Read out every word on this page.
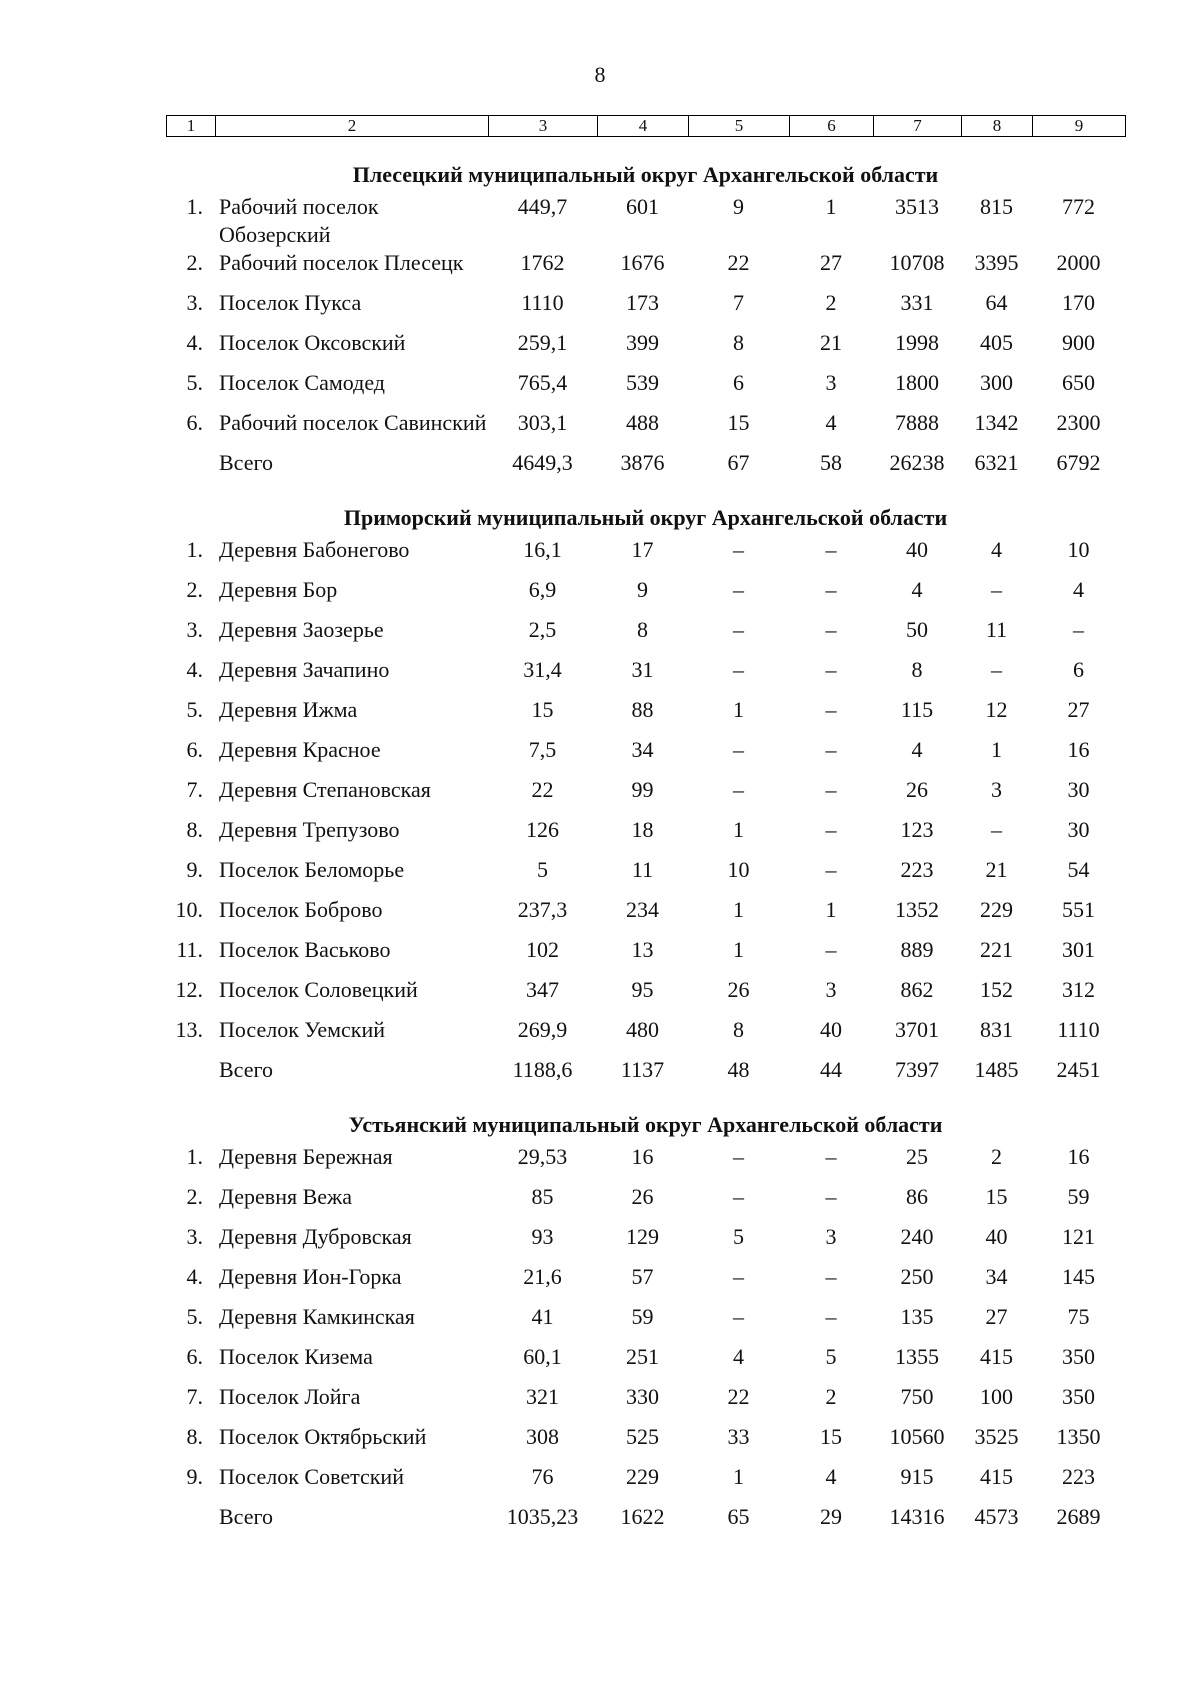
8
1	2	3	4	5	6	7	8	9
Плесецкий муниципальный округ Архангельской области
1.	Рабочий поселок Обозерский	449,7	601	9	1	3513	815	772
2.	Рабочий поселок Плесецк	1762	1676	22	27	10708	3395	2000
3.	Поселок Пукса	1110	173	7	2	331	64	170
4.	Поселок Оксовский	259,1	399	8	21	1998	405	900
5.	Поселок Самодед	765,4	539	6	3	1800	300	650
6.	Рабочий поселок Савинский	303,1	488	15	4	7888	1342	2300
	Всего	4649,3	3876	67	58	26238	6321	6792
Приморский муниципальный округ Архангельской области
1.	Деревня Бабонегово	16,1	17	–	–	40	4	10
2.	Деревня Бор	6,9	9	–	–	4	–	4
3.	Деревня Заозерье	2,5	8	–	–	50	11	–
4.	Деревня Зачапино	31,4	31	–	–	8	–	6
5.	Деревня Ижма	15	88	1	–	115	12	27
6.	Деревня Красное	7,5	34	–	–	4	1	16
7.	Деревня Степановская	22	99	–	–	26	3	30
8.	Деревня Трепузово	126	18	1	–	123	–	30
9.	Поселок Беломорье	5	11	10	–	223	21	54
10.	Поселок Боброво	237,3	234	1	1	1352	229	551
11.	Поселок Васьково	102	13	1	–	889	221	301
12.	Поселок Соловецкий	347	95	26	3	862	152	312
13.	Поселок Уемский	269,9	480	8	40	3701	831	1110
	Всего	1188,6	1137	48	44	7397	1485	2451
Устьянский муниципальный округ Архангельской области
1.	Деревня Бережная	29,53	16	–	–	25	2	16
2.	Деревня Вежа	85	26	–	–	86	15	59
3.	Деревня Дубровская	93	129	5	3	240	40	121
4.	Деревня Ион-Горка	21,6	57	–	–	250	34	145
5.	Деревня Камкинская	41	59	–	–	135	27	75
6.	Поселок Кизема	60,1	251	4	5	1355	415	350
7.	Поселок Лойга	321	330	22	2	750	100	350
8.	Поселок Октябрьский	308	525	33	15	10560	3525	1350
9.	Поселок Советский	76	229	1	4	915	415	223
	Всего	1035,23	1622	65	29	14316	4573	2689
